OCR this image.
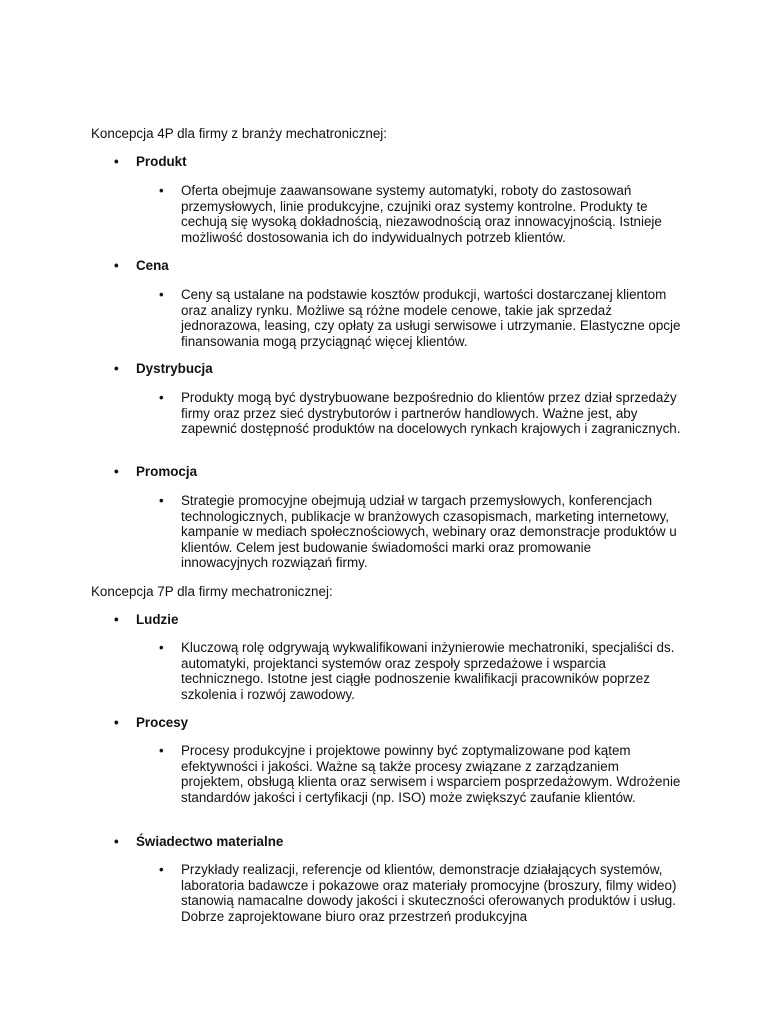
Koncepcja 4P dla firmy z branży mechatronicznej:
• Produkt

• Oferta obejmuje zaawansowane systemy automatyki, roboty do zastosowań przemysłowych, linie produkcyjne, czujniki oraz systemy kontrolne. Produkty te cechują się wysoką dokładnością, niezawodnością oraz innowacyjnością. Istnieje możliwość dostosowania ich do indywidualnych potrzeb klientów.

• Cena

• Ceny są ustalane na podstawie kosztów produkcji, wartości dostarczanej klientom oraz analizy rynku. Możliwe są różne modele cenowe, takie jak sprzedaż jednorazowa, leasing, czy opłaty za usługi serwisowe i utrzymanie. Elastyczne opcje finansowania mogą przyciągnąć więcej klientów.

• Dystrybucja

• Produkty mogą być dystrybuowane bezpośrednio do klientów przez dział sprzedaży firmy oraz przez sieć dystrybutorów i partnerów handlowych. Ważne jest, aby zapewnić dostępność produktów na docelowych rynkach krajowych i zagranicznych.

• Promocja

• Strategie promocyjne obejmują udział w targach przemysłowych, konferencjach technologicznych, publikacje w branżowych czasopismach, marketing internetowy, kampanie w mediach społecznościowych, webinary oraz demonstracje produktów u klientów. Celem jest budowanie świadomości marki oraz promowanie innowacyjnych rozwiązań firmy.

Koncepcja 7P dla firmy mechatronicznej:
• Ludzie

• Kluczową rolę odgrywają wykwalifikowani inżynierowie mechatroniki, specjaliści ds. automatyki, projektanci systemów oraz zespoły sprzedażowe i wsparcia technicznego. Istotne jest ciągłe podnoszenie kwalifikacji pracowników poprzez szkolenia i rozwój zawodowy.

• Procesy

• Procesy produkcyjne i projektowe powinny być zoptymalizowane pod kątem efektywności i jakości. Ważne są także procesy związane z zarządzaniem projektem, obsługą klienta oraz serwisem i wsparciem posprzedażowym. Wdrożenie standardów jakości i certyfikacji (np. ISO) może zwiększyć zaufanie klientów.

• Świadectwo materialne

• Przykłady realizacji, referencje od klientów, demonstracje działających systemów, laboratoria badawcze i pokazowe oraz materiały promocyjne (broszury, filmy wideo) stanowią namacalne dowody jakości i skuteczności oferowanych produktów i usług. Dobrze zaprojektowane biuro oraz przestrzeń produkcyjna
